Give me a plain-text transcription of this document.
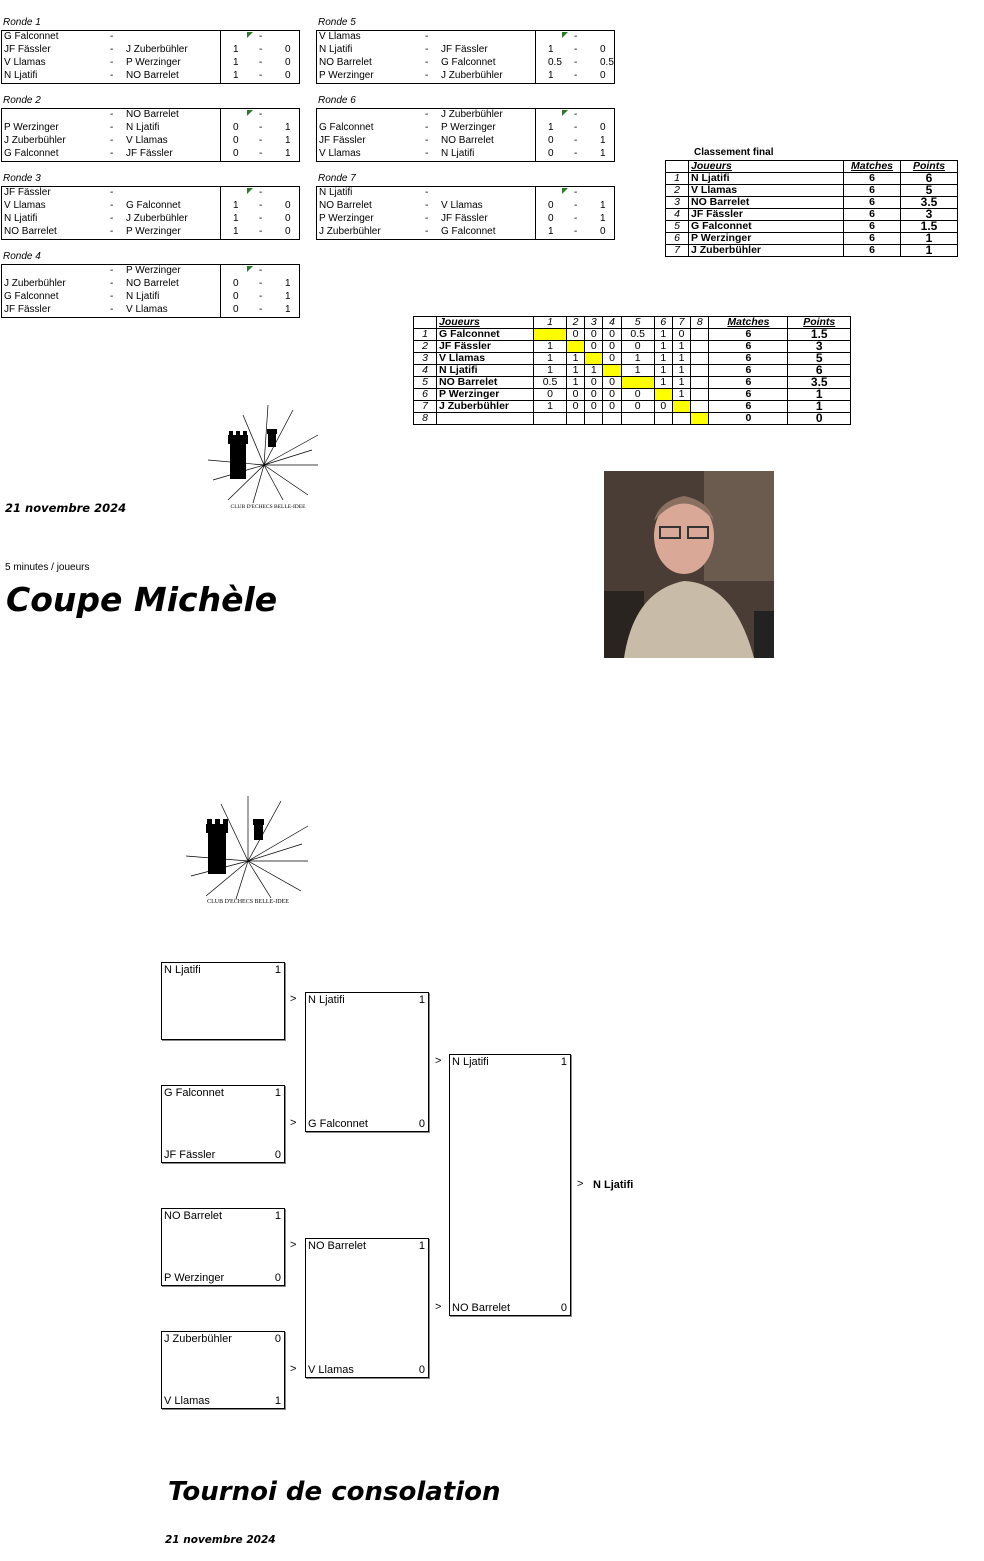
Ronde 1
G Falconnet	-	-
JF Fässler	- J Zuberbühler	1 - 0
V Llamas	- P Werzinger	1 - 0
N Ljatifi	- NO Barrelet	1 - 0
Ronde 2
- NO Barrelet	-
P Werzinger	- N Ljatifi	0 - 1
J Zuberbühler	- V Llamas	0 - 1
G Falconnet	- JF Fässler	0 - 1
Ronde 3
JF Fässler	-	-
V Llamas	- G Falconnet	1 - 0
N Ljatifi	- J Zuberbühler	1 - 0
NO Barrelet	- P Werzinger	1 - 0
Ronde 4
- P Werzinger	-
J Zuberbühler	- NO Barrelet	0 - 1
G Falconnet	- N Ljatifi	0 - 1
JF Fässler	- V Llamas	0 - 1
Ronde 5
V Llamas	-	-
N Ljatifi	- JF Fässler	1 - 0
NO Barrelet	- G Falconnet	0.5 - 0.5
P Werzinger	- J Zuberbühler	1 - 0
Ronde 6
- J Zuberbühler	-
G Falconnet	- P Werzinger	1 - 0
JF Fässler	- NO Barrelet	0 - 1
V Llamas	- N Ljatifi	0 - 1
Ronde 7
N Ljatifi	-	-
NO Barrelet	- V Llamas	0 - 1
P Werzinger	- JF Fässler	0 - 1
J Zuberbühler	- G Falconnet	1 - 0
Classement final
	Joueurs	Matches	Points
1	N Ljatifi	6	6
2	V Llamas	6	5
3	NO Barrelet	6	3.5
4	JF Fässler	6	3
5	G Falconnet	6	1.5
6	P Werzinger	6	1
7	J Zuberbühler	6	1
	Joueurs	1	2	3	4	5	6	7	8	Matches	Points
1	G Falconnet		0	0	0	0.5	1	0		6	1.5
2	JF Fässler	1		0	0	0	1	1		6	3
3	V Llamas	1	1		0	1	1	1		6	5
4	N Ljatifi	1	1	1		1	1	1		6	6
5	NO Barrelet	0.5	1	0	0		1	1		6	3.5
6	P Werzinger	0	0	0	0	0		1		6	1
7	J Zuberbühler	1	0	0	0	0	0			6	1
8										0	0
CLUB D'ECHECS BELLE-IDEE
21 novembre 2024
5 minutes / joueurs
Coupe Michèle
CLUB D'ECHECS BELLE-IDEE
N Ljatifi	1
G Falconnet	1
JF Fässler	0
NO Barrelet	1
P Werzinger	0
J Zuberbühler	0
V Llamas	1
N Ljatifi	1
G Falconnet	0
NO Barrelet	1
V Llamas	0
N Ljatifi	1
NO Barrelet	0
>
>
>
>
>
>
> N Ljatifi
Tournoi de consolation
21 novembre 2024
